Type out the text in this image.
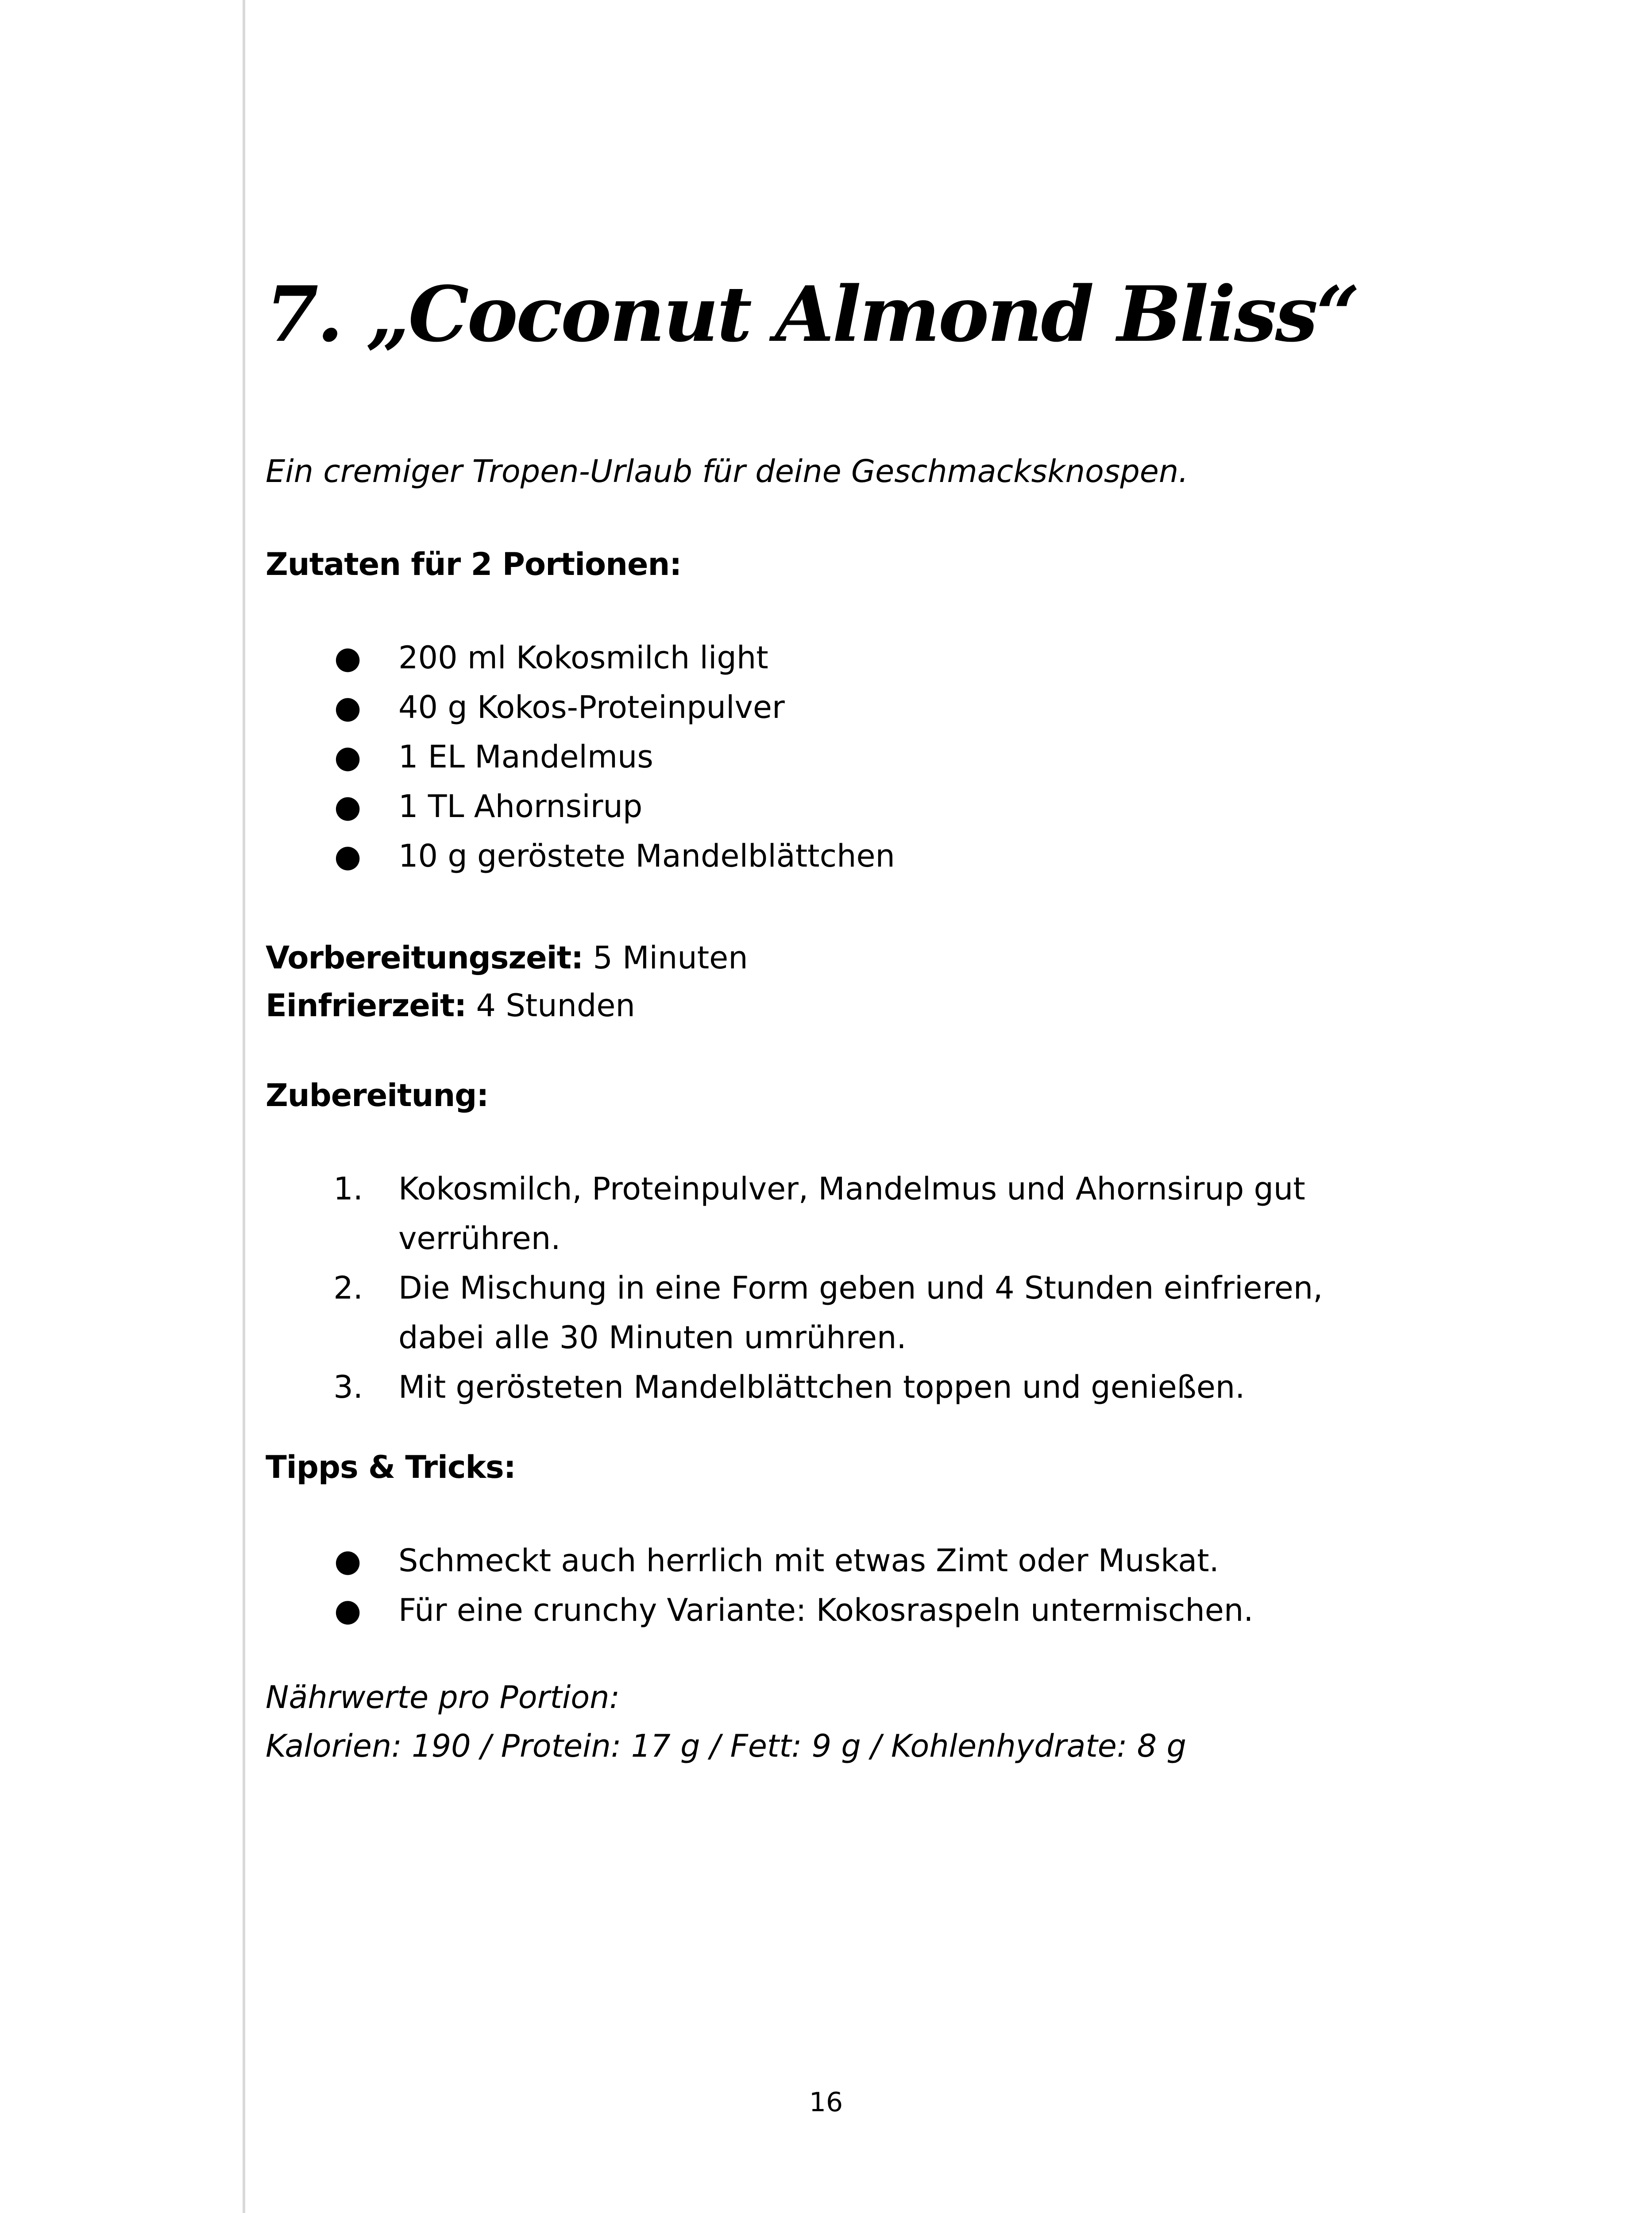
7. „Coconut Almond Bliss“

Ein cremiger Tropen-Urlaub für deine Geschmacksknospen.

Zutaten für 2 Portionen:

● 200 ml Kokosmilch light
● 40 g Kokos-Proteinpulver
● 1 EL Mandelmus
● 1 TL Ahornsirup
● 10 g geröstete Mandelblättchen
Vorbereitungszeit: 5 Minuten
Einfrierzeit: 4 Stunden

Zubereitung:

1. Kokosmilch, Proteinpulver, Mandelmus und Ahornsirup gut
verrühren.
2. Die Mischung in eine Form geben und 4 Stunden einfrieren,
dabei alle 30 Minuten umrühren.
3. Mit gerösteten Mandelblättchen toppen und genießen.

Tipps & Tricks:

● Schmeckt auch herrlich mit etwas Zimt oder Muskat.
● Für eine crunchy Variante: Kokosraspeln untermischen.
Nährwerte pro Portion:
Kalorien: 190 / Protein: 17 g / Fett: 9 g / Kohlenhydrate: 8 g
16
